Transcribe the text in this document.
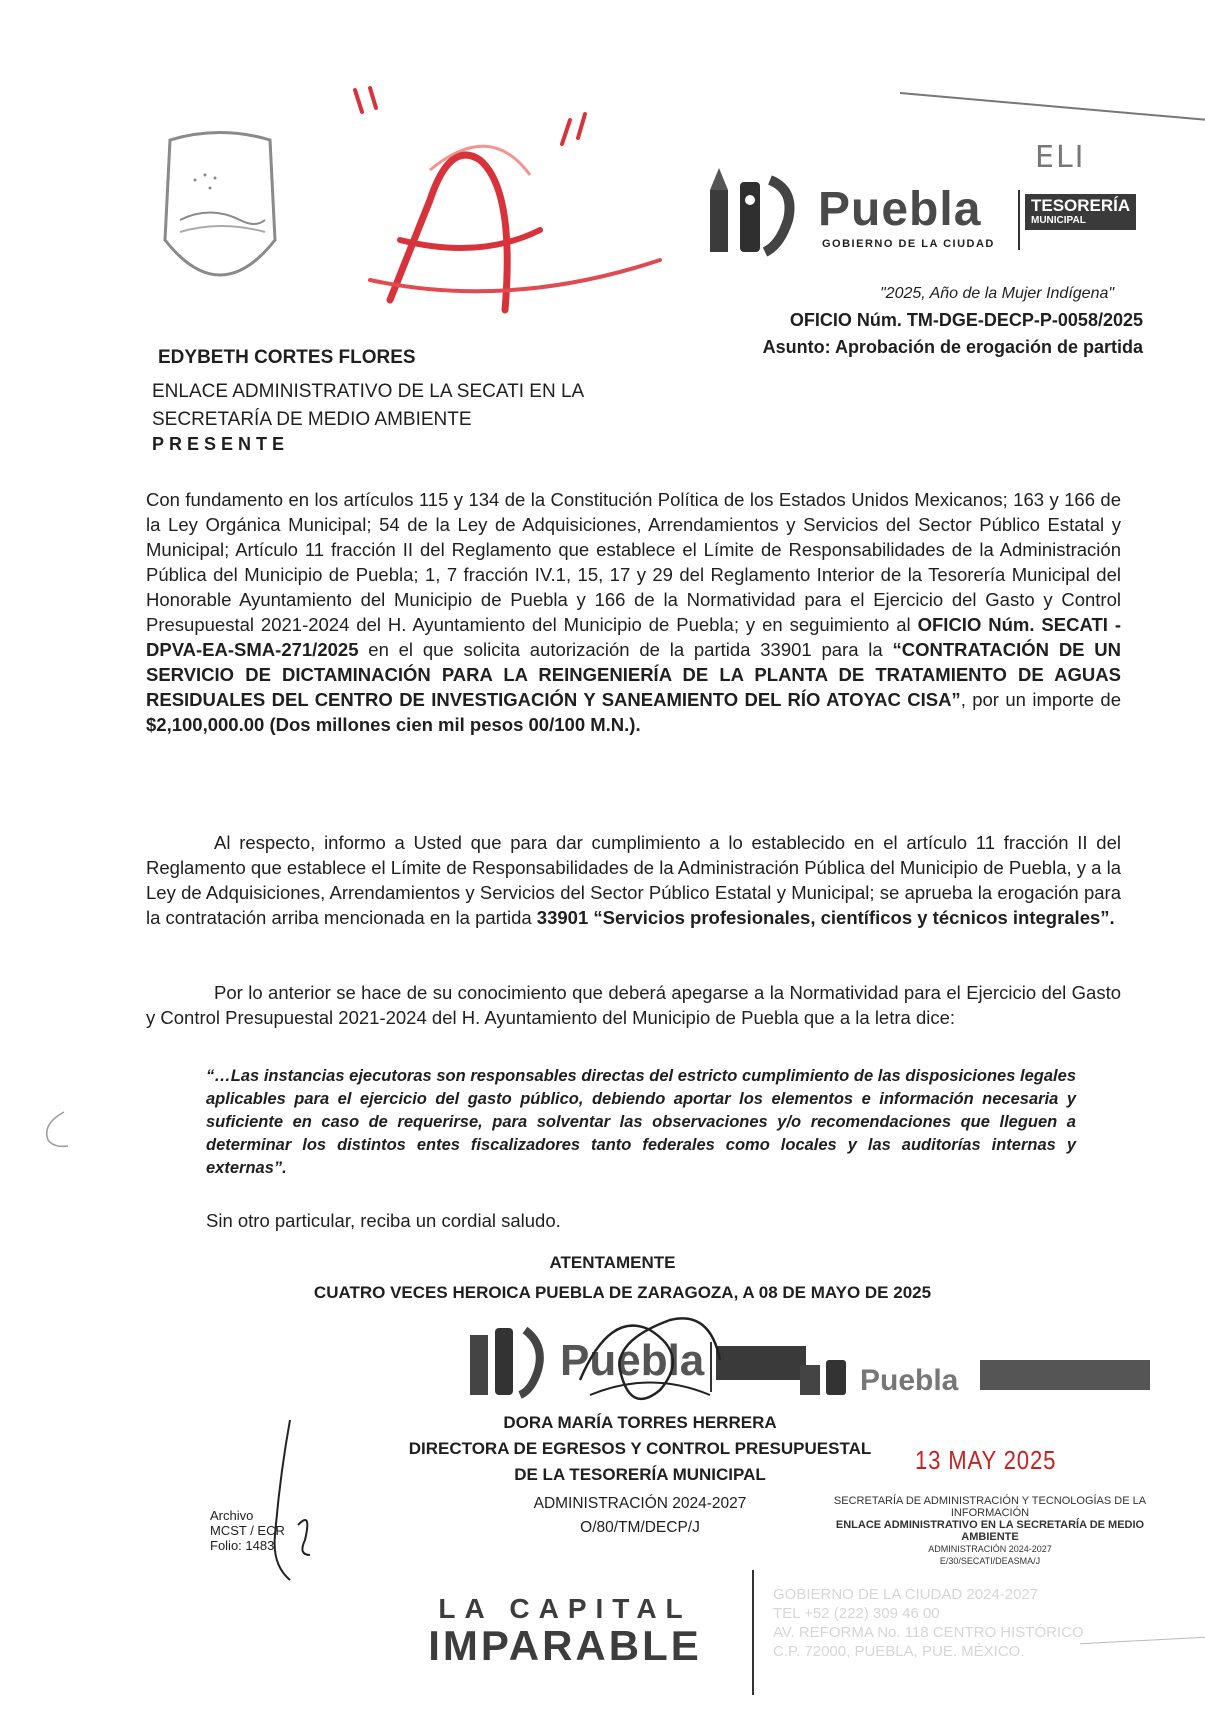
ELI
Puebla
GOBIERNO DE LA CIUDAD
TESORERÍA
MUNICIPAL
"2025, Año de la Mujer Indígena"
OFICIO Núm. TM-DGE-DECP-P-0058/2025
Asunto: Aprobación de erogación de partida
EDYBETH CORTES FLORES
ENLACE ADMINISTRATIVO DE LA SECATI EN LA SECRETARÍA DE MEDIO AMBIENTE
PRESENTE
Con fundamento en los artículos 115 y 134 de la Constitución Política de los Estados Unidos Mexicanos; 163 y 166 de la Ley Orgánica Municipal; 54 de la Ley de Adquisiciones, Arrendamientos y Servicios del Sector Público Estatal y Municipal; Artículo 11 fracción II del Reglamento que establece el Límite de Responsabilidades de la Administración Pública del Municipio de Puebla; 1, 7 fracción IV.1, 15, 17 y 29 del Reglamento Interior de la Tesorería Municipal del Honorable Ayuntamiento del Municipio de Puebla y 166 de la Normatividad para el Ejercicio del Gasto y Control Presupuestal 2021-2024 del H. Ayuntamiento del Municipio de Puebla; y en seguimiento al OFICIO Núm. SECATI -DPVA-EA-SMA-271/2025 en el que solicita autorización de la partida 33901 para la “CONTRATACIÓN DE UN SERVICIO DE DICTAMINACIÓN PARA LA REINGENIERÍA DE LA PLANTA DE TRATAMIENTO DE AGUAS RESIDUALES DEL CENTRO DE INVESTIGACIÓN Y SANEAMIENTO DEL RÍO ATOYAC CISA”, por un importe de $2,100,000.00 (Dos millones cien mil pesos 00/100 M.N.).
Al respecto, informo a Usted que para dar cumplimiento a lo establecido en el artículo 11 fracción II del Reglamento que establece el Límite de Responsabilidades de la Administración Pública del Municipio de Puebla, y a la Ley de Adquisiciones, Arrendamientos y Servicios del Sector Público Estatal y Municipal; se aprueba la erogación para la contratación arriba mencionada en la partida 33901 “Servicios profesionales, científicos y técnicos integrales”.
Por lo anterior se hace de su conocimiento que deberá apegarse a la Normatividad para el Ejercicio del Gasto y Control Presupuestal 2021-2024 del H. Ayuntamiento del Municipio de Puebla que a la letra dice:
“…Las instancias ejecutoras son responsables directas del estricto cumplimiento de las disposiciones legales aplicables para el ejercicio del gasto público, debiendo aportar los elementos e información necesaria y suficiente en caso de requerirse, para solventar las observaciones y/o recomendaciones que lleguen a determinar los distintos entes fiscalizadores tanto federales como locales y las auditorías internas y externas”.
Sin otro particular, reciba un cordial saludo.
ATENTAMENTE
CUATRO VECES HEROICA PUEBLA DE ZARAGOZA, A 08 DE MAYO DE 2025
Puebla	Puebla
DORA MARÍA TORRES HERRERA
DIRECTORA DE EGRESOS Y CONTROL PRESUPUESTAL
DE LA TESORERÍA MUNICIPAL
ADMINISTRACIÓN 2024-2027
O/80/TM/DECP/J
13 MAY 2025
SECRETARÍA DE ADMINISTRACIÓN Y TECNOLOGÍAS DE LA INFORMACIÓN
ENLACE ADMINISTRATIVO EN LA SECRETARÍA DE MEDIO AMBIENTE
ADMINISTRACIÓN 2024-2027
E/30/SECATI/DEASMA/J
Archivo
MCST / ECR
Folio: 1483
LA CAPITAL
IMPARABLE
GOBIERNO DE LA CIUDAD 2024-2027
TEL +52 (222) 309 46 00
AV. REFORMA No. 118 CENTRO HISTÓRICO
C.P. 72000, PUEBLA, PUE. MÉXICO.
